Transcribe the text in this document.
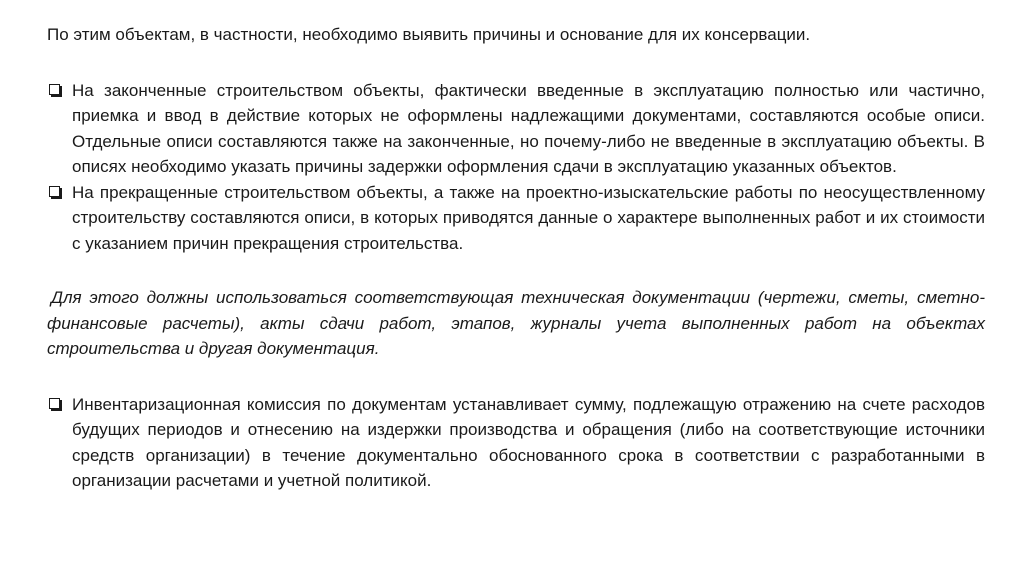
По этим объектам, в частности, необходимо выявить причины и основание для их консервации.

На законченные строительством объекты, фактически введенные в эксплуатацию полностью или частично, приемка и ввод в действие которых не оформлены надлежащими документами, составляются особые описи. Отдельные описи составляются также на законченные, но почему-либо не введенные в эксплуатацию объекты. В описях необходимо указать причины задержки оформления сдачи в эксплуатацию указанных объектов.
На прекращенные строительством объекты, а также на проектно-изыскательские работы по неосуществленному строительству составляются описи, в которых приводятся данные о характере выполненных работ и их стоимости с указанием причин прекращения строительства.

Для этого должны использоваться соответствующая техническая документации (чертежи, сметы, сметно-финансовые расчеты), акты сдачи работ, этапов, журналы учета выполненных работ на объектах строительства и другая документация.

Инвентаризационная комиссия по документам устанавливает сумму, подлежащую отражению на счете расходов будущих периодов и отнесению на издержки производства и обращения (либо на соответствующие источники средств организации) в течение документально обоснованного срока в соответствии с разработанными в организации расчетами и учетной политикой.
